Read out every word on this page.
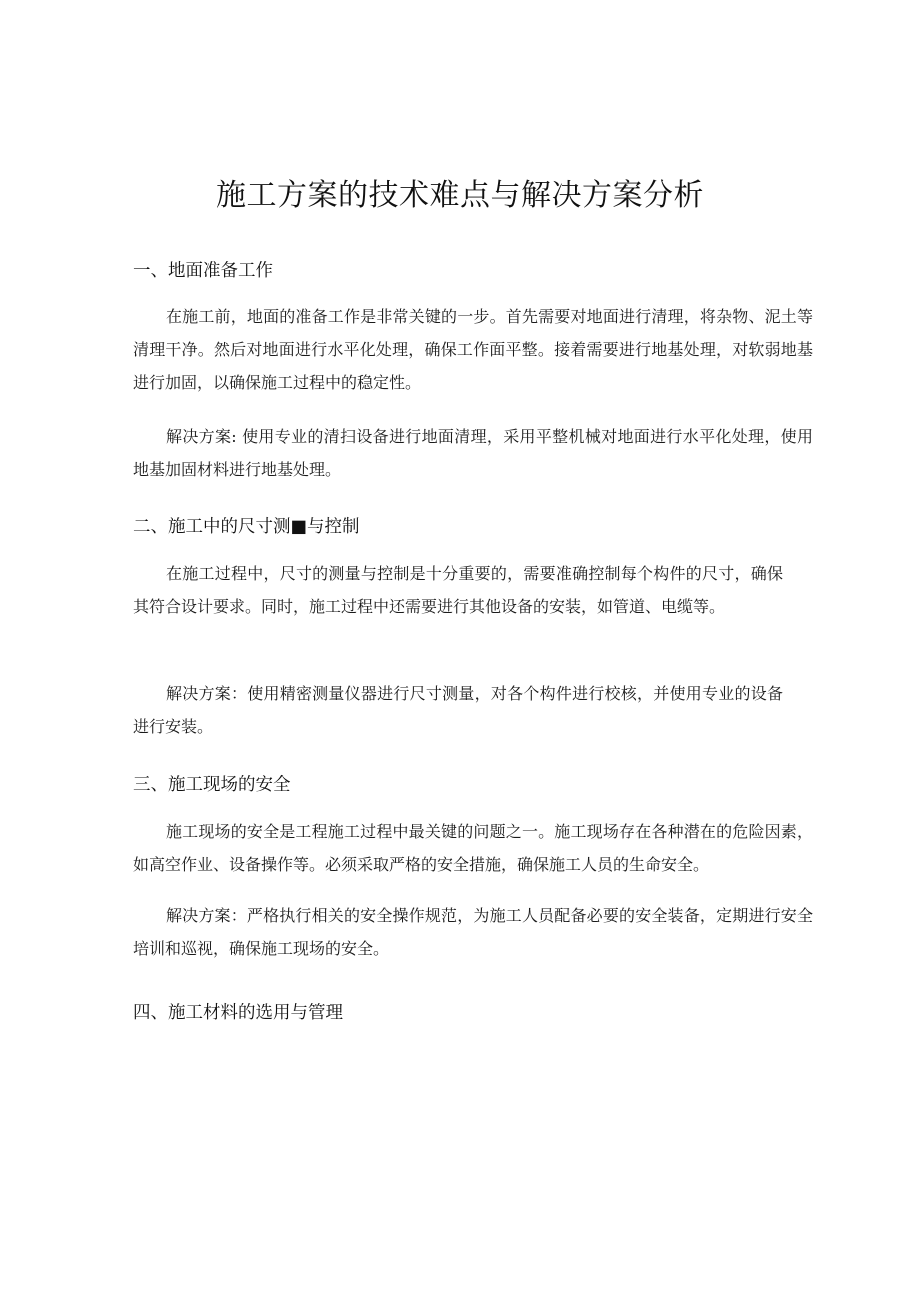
施工方案的技术难点与解决方案分析
一、地面准备工作

在施工前，地面的准备工作是非常关键的一步。首先需要对地面进行清理，将杂物、泥土等清理干净。然后对地面进行水平化处理，确保工作面平整。接着需要进行地基处理，对软弱地基进行加固，以确保施工过程中的稳定性。

解决方案: 使用专业的清扫设备进行地面清理，采用平整机械对地面进行水平化处理，使用地基加固材料进行地基处理。

二、施工中的尺寸测■与控制

在施工过程中，尺寸的测量与控制是十分重要的，需要准确控制每个构件的尺寸，确保其符合设计要求。同时，施工过程中还需要进行其他设备的安装，如管道、电缆等。

解决方案：使用精密测量仪器进行尺寸测量，对各个构件进行校核，并使用专业的设备进行安装。

三、施工现场的安全

施工现场的安全是工程施工过程中最关键的问题之一。施工现场存在各种潜在的危险因素，如高空作业、设备操作等。必须采取严格的安全措施，确保施工人员的生命安全。

解决方案：严格执行相关的安全操作规范，为施工人员配备必要的安全装备，定期进行安全培训和巡视，确保施工现场的安全。

四、施工材料的选用与管理
